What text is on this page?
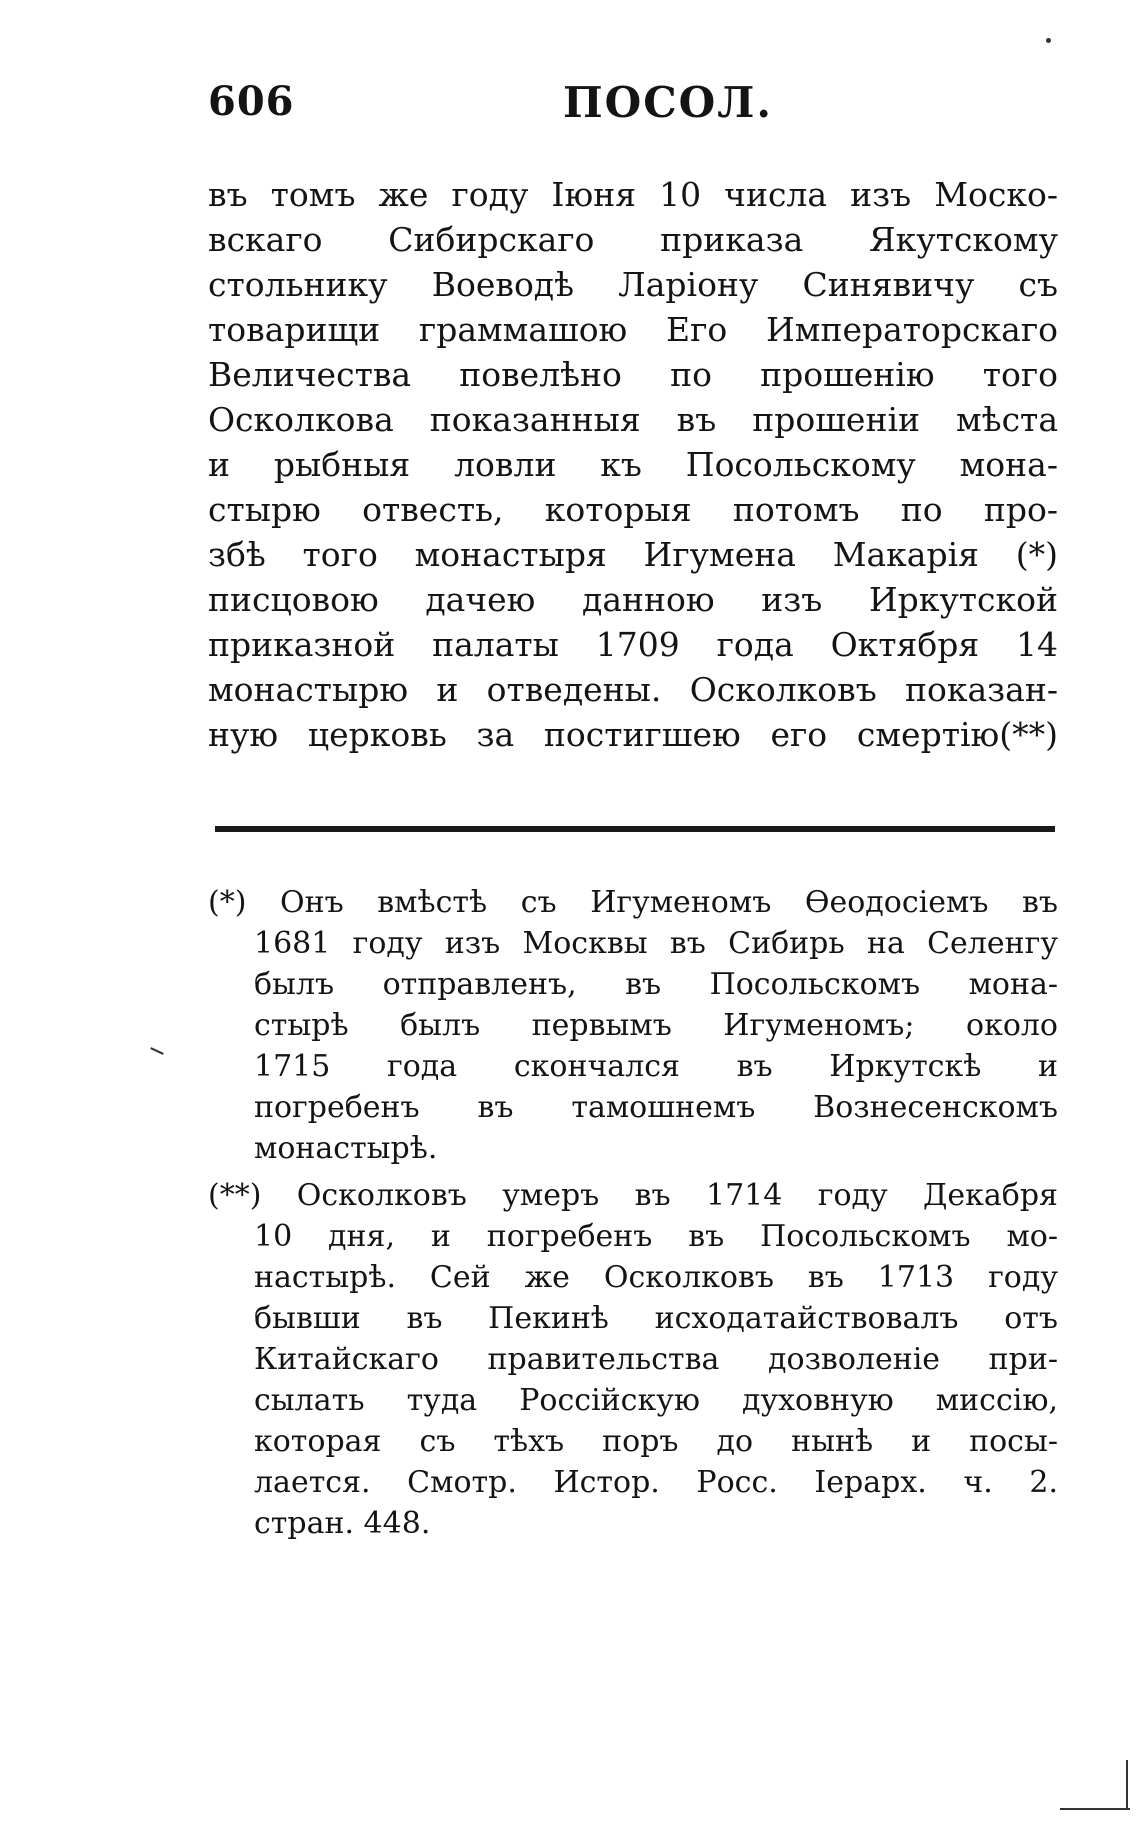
606	ПОСОЛ.
въ томъ же году Іюня 10 числа изъ Моско-
вскаго Сибирскаго приказа Якутскому
стольнику Воеводѣ Ларіону Синявичу съ
товарищи граммашою Его Императорскаго
Величества повелѣно по прошенію того
Осколкова показанныя въ прошеніи мѣста
и рыбныя ловли къ Посольскому мона-
стырю отвесть, которыя потомъ по про-
збѣ того монастыря Игумена Макарія (*)
писцовою дачею данною изъ Иркутской
приказной палаты 1709 года Октября 14
монастырю и отведены. Осколковъ показан-
ную церковь за постигшею его смертію(**)
(*) Онъ вмѣстѣ съ Игуменомъ Ѳеодосіемъ въ
1681 году изъ Москвы въ Сибирь на Селенгу
былъ отправленъ, въ Посольскомъ мона-
стырѣ былъ первымъ Игуменомъ; около
1715 года скончался въ Иркутскѣ и
погребенъ въ тамошнемъ Вознесенскомъ
монастырѣ.
(**) Осколковъ умеръ въ 1714 году Декабря
10 дня, и погребенъ въ Посольскомъ мо-
настырѣ. Сей же Осколковъ въ 1713 году
бывши въ Пекинѣ исходатайствовалъ отъ
Китайскаго правительства дозволеніе при-
сылать туда Россійскую духовную миссію,
которая съ тѣхъ поръ до нынѣ и посы-
лается. Смотр. Истор. Росс. Іерарх. ч. 2.
стран. 448.
